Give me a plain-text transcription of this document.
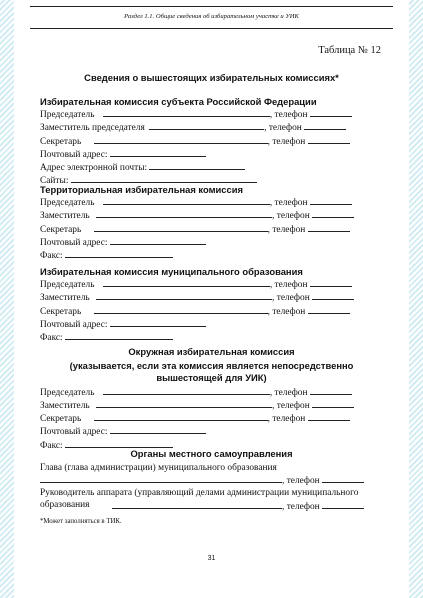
Раздел 1.1. Общие сведения об избирательном участке и УИК
Таблица № 12
Сведения о вышестоящих избирательных комиссиях*
Избирательная комиссия субъекта Российской Федерации
Председатель	, телефон
Заместитель председателя	, телефон
Секретарь	, телефон
Почтовый адрес:
Адрес электронной почты:
Сайты:
Территориальная избирательная комиссия
Председатель	, телефон
Заместитель	, телефон
Секретарь	, телефон
Почтовый адрес:
Факс:
Избирательная комиссия муниципального образования
Председатель	, телефон
Заместитель	, телефон
Секретарь	, телефон
Почтовый адрес:
Факс:
Окружная избирательная комиссия
(указывается, если эта комиссия является непосредственно
вышестоящей для УИК)
Председатель	, телефон
Заместитель	, телефон
Секретарь	, телефон
Почтовый адрес:
Факс:
Органы местного самоуправления
Глава (глава администрации) муниципального образования
, телефон
Руководитель аппарата (управляющий делами администрации муниципального образования	, телефон
*Может заполняться в ТИК.
31
